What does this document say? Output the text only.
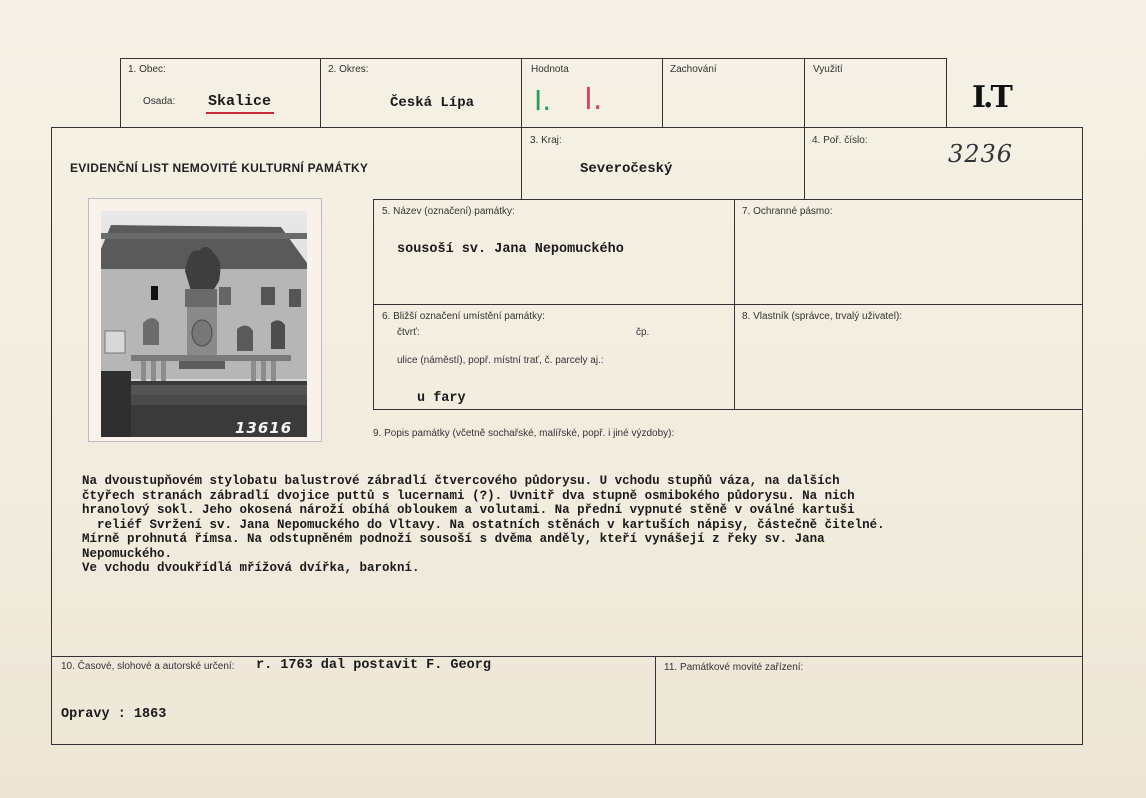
1. Obec:
Osada: Skalice
2. Okres:
Česká Lípa
Hodnota
I. I.
Zachování	Využití
I.T
EVIDENČNÍ LIST NEMOVITÉ KULTURNÍ PAMÁTKY
3. Kraj:
Severočeský
4. Poř. číslo:	3236
13616
5. Název (označení) památky:
sousoší sv. Jana Nepomuckého
7. Ochranné pásmo:
6. Bližší označení umístění památky:
čtvrť:	čp.
ulice (náměstí), popř. místní trať, č. parcely aj.:
u fary
8. Vlastník (správce, trvalý uživatel):
9. Popis památky (včetně sochařské, malířské, popř. i jiné výzdoby):
Na dvoustupňovém stylobatu balustrové zábradlí čtvercového půdorysu. U vchodu stupňů váza, na dalších
čtyřech stranách zábradlí dvojice puttů s lucernami (?). Uvnitř dva stupně osmibokého půdorysu. Na nich
hranolový sokl. Jeho okosená nároží obíhá obloukem a volutami. Na přední vypnuté stěně v oválné kartuši
reliéf Svržení sv. Jana Nepomuckého do Vltavy. Na ostatních stěnách v kartuších nápisy, částečně čitelné.
Mírně prohnutá římsa. Na odstupněném podnoží sousoší s dvěma anděly, kteří vynášejí z řeky sv. Jana
Nepomuckého.
Ve vchodu dvoukřídlá mřížová dvířka, barokní.
10. Časové, slohové a autorské určení: r. 1763 dal postavit F. Georg
Opravy : 1863
11. Památkové movité zařízení:
